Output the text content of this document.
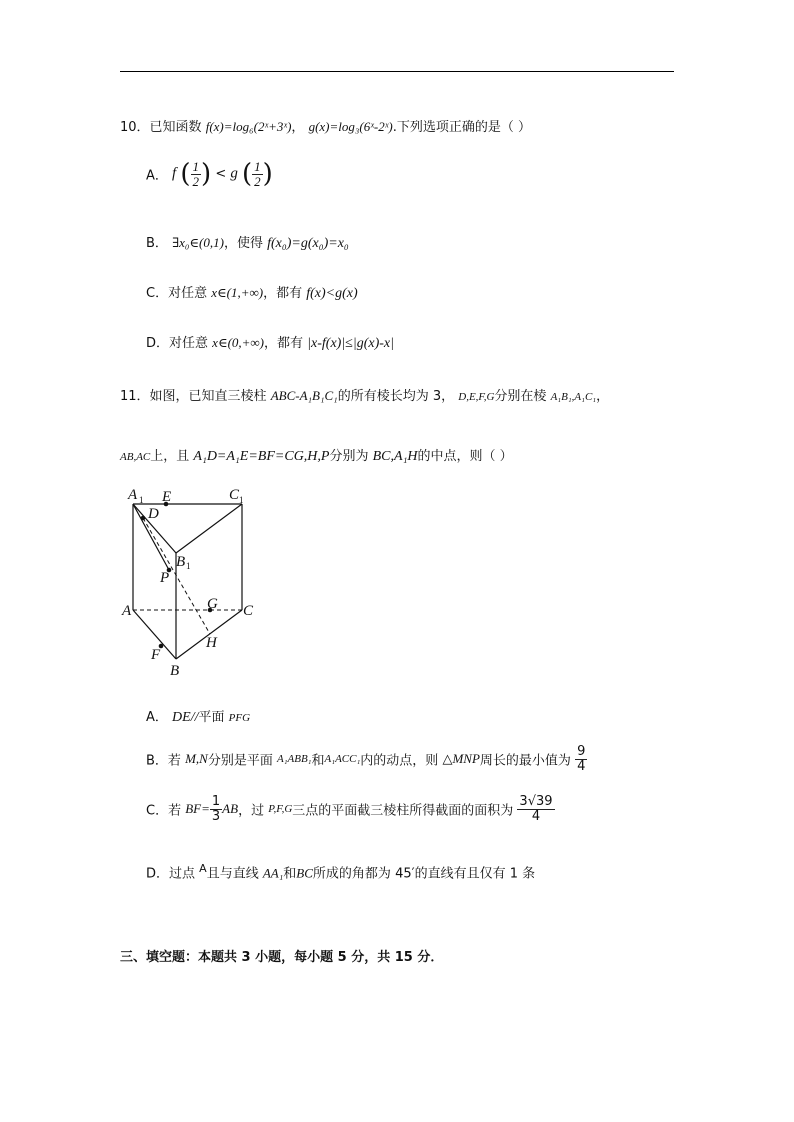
10．已知函数 f(x)=log₆(2ˣ+3ˣ)， g(x)=log₃(6ˣ-2ˣ).下列选项正确的是（ ）
A． f ( $\frac{1}{2}$ ) < g ( $\frac{1}{2}$ )
B． ∃x₀∈(0,1)，使得 f(x₀)=g(x₀)=x₀
C．对任意 x∈(1,+∞)，都有 f(x)<g(x)
D．对任意 x∈(0,+∞)，都有 |x-f(x)|≤|g(x)-x|
11．如图，已知直三棱柱 ABC-A₁B₁C₁的所有棱长均为 3， D,E,F,G分别在棱 A₁B₁,A₁C₁，
AB,AC上，且 A₁D=A₁E=BF=CG,H,P分别为 BC,A₁H的中点，则（ ）
A 1 E	C 1
D
B 1
P
A	G C
H
F
B
A． DE//平面 PFG
B．若 M,N分别是平面 A₁ABB₁和A₁ACC₁内的动点，则 △MNP周长的最小值为 $\frac{9}{4}$
C．若 $BF= \frac{1}{3}$ AB，过 P,F,G三点的平面截三棱柱所得截面的面积为 $\frac{3√39}{4}$
D．过点 $^A$且与直线 AA₁和BC所成的角都为 45′的直线有且仅有 1 条
三、填空题：本题共 3 小题，每小题 5 分，共 15 分．
